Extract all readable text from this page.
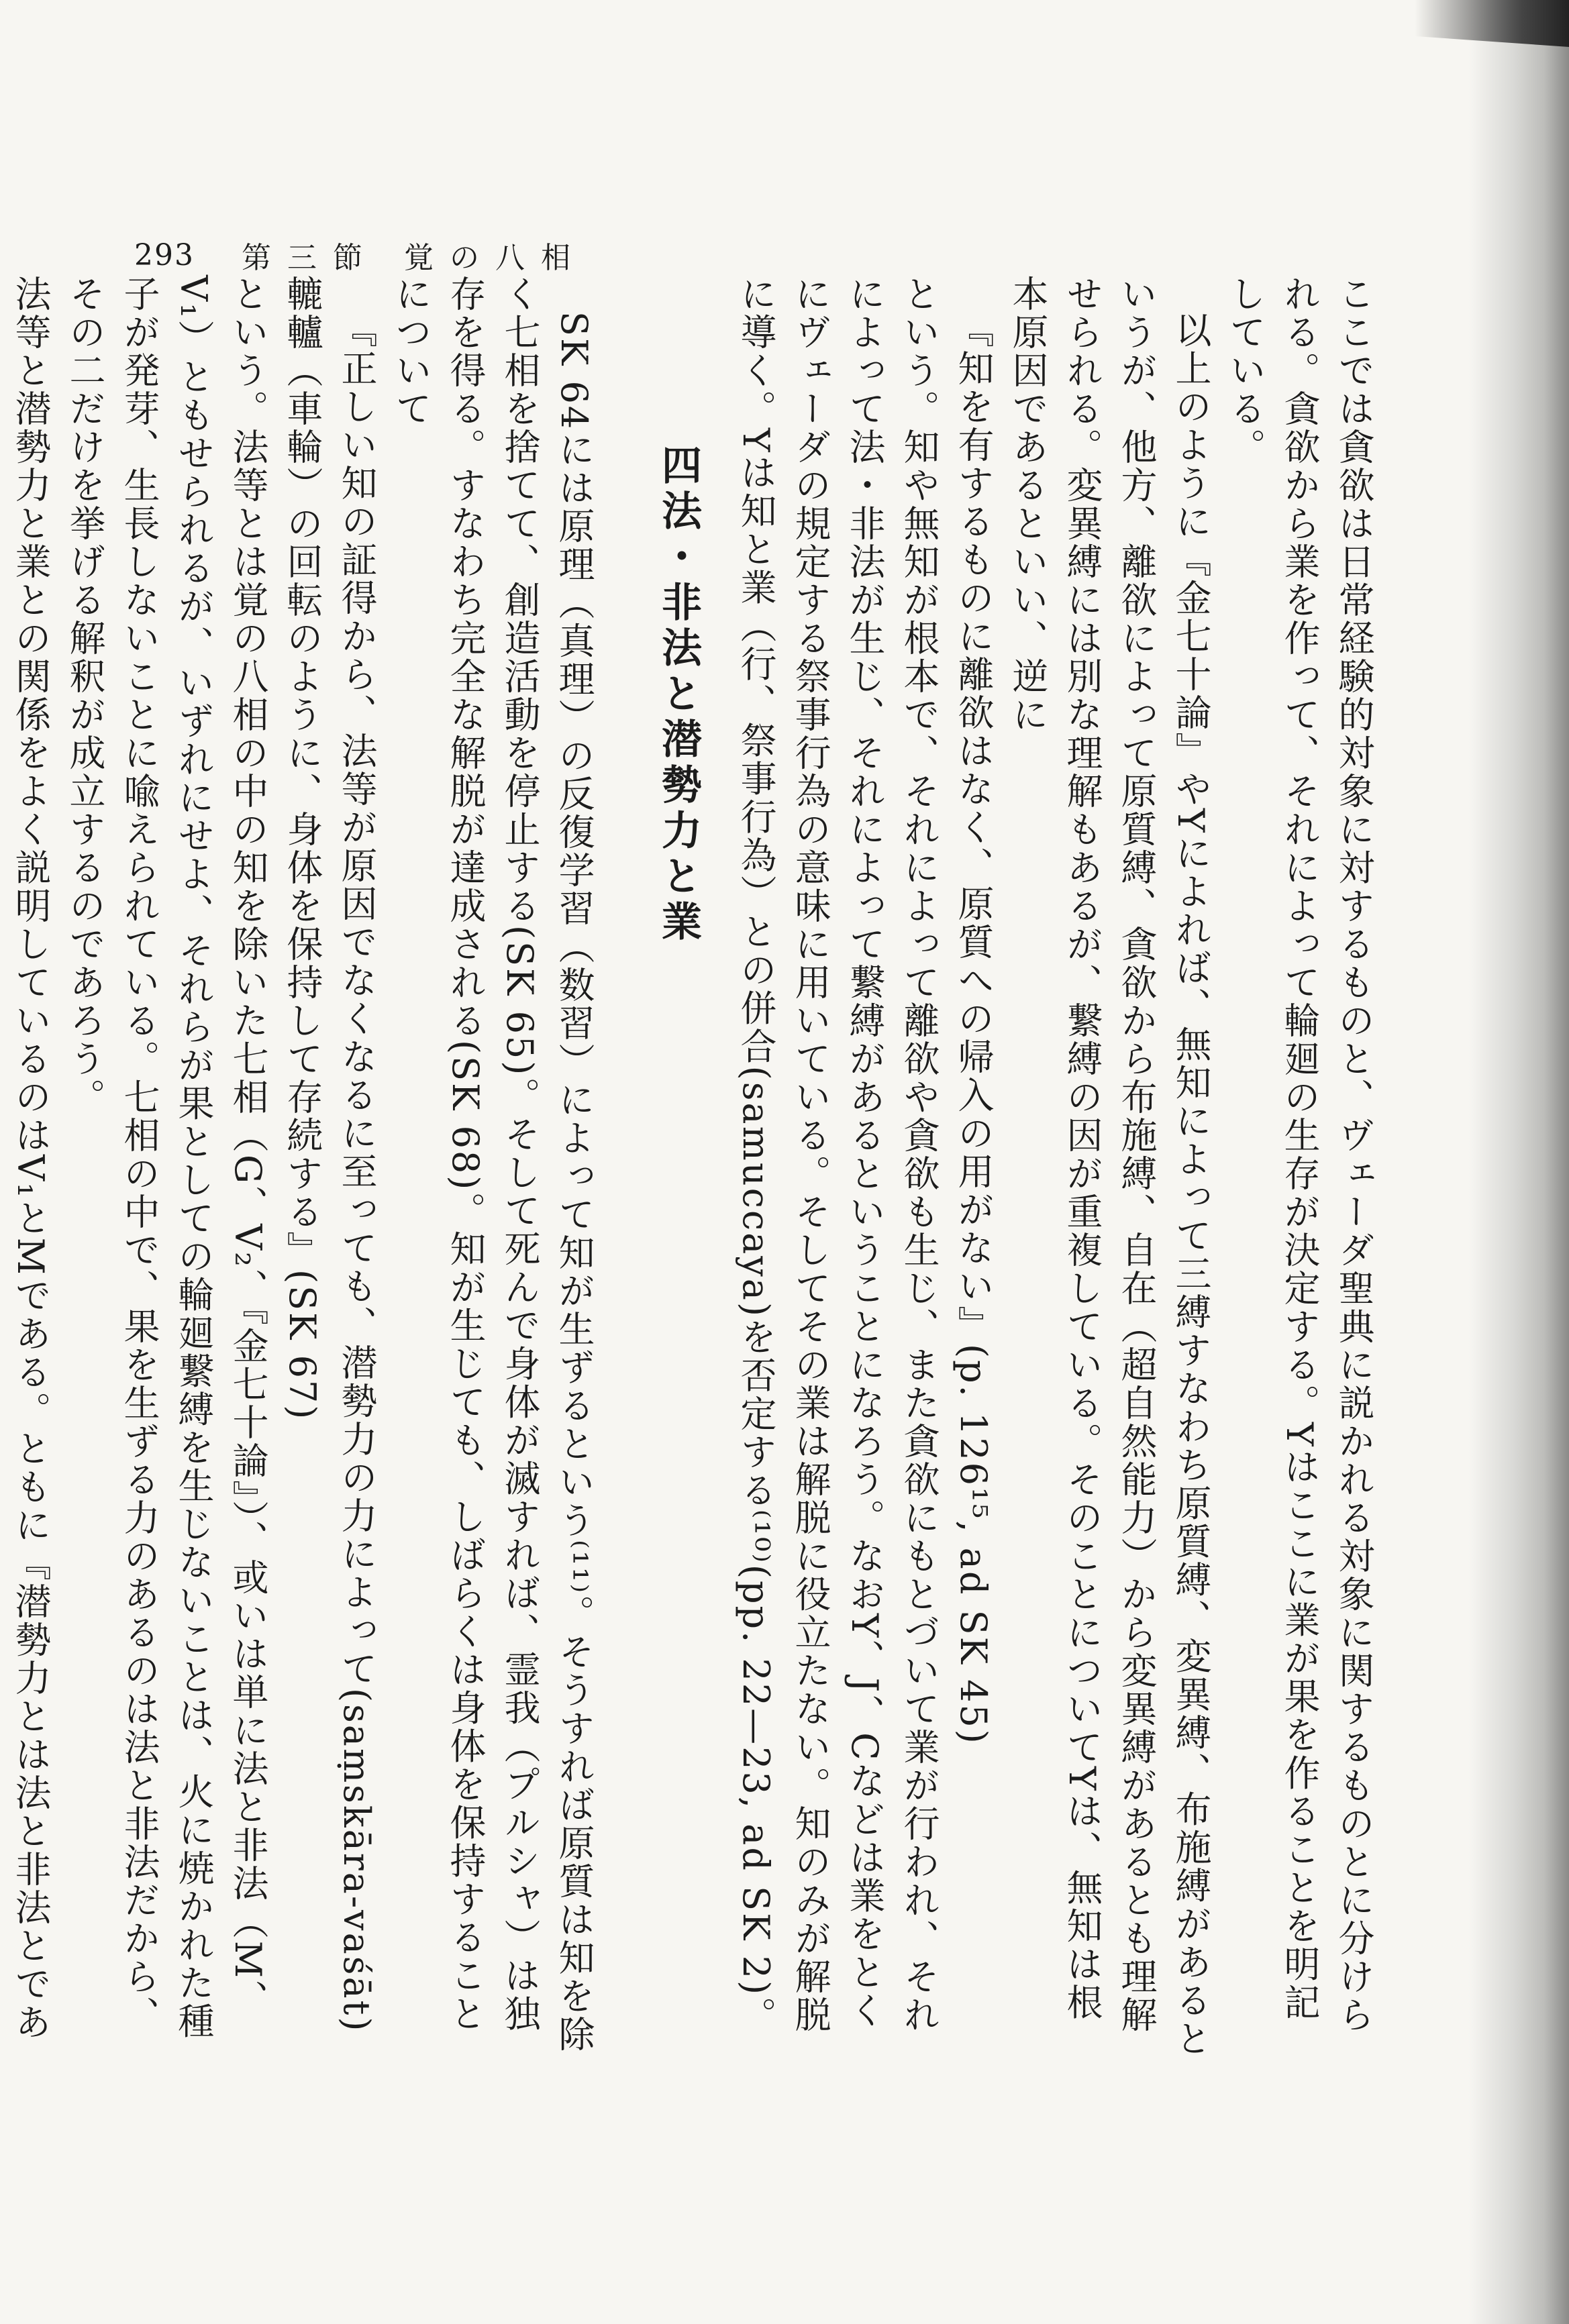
293 第三節 覚の八相

ここでは貪欲は日常経験的対象に対するものと、ヴェーダ聖典に説かれる対象に関するものとに分けられる。貪欲から業を作って、それによって輪廻の生存が決定する。Yはここに業が果を作ることを明記している。

以上のように『金七十論』やYによれば、無知によって三縛すなわち原質縛、変異縛、布施縛があるというが、他方、離欲によって原質縛、貪欲から布施縛、自在（超自然能力）から変異縛があるとも理解せられる。変異縛には別な理解もあるが、繋縛の因が重複している。そのことについてYは、無知は根本原因であるといい、逆に

『知を有するものに離欲はなく、原質への帰入の用がない』(p. 126¹⁵, ad SK 45)

という。知や無知が根本で、それによって離欲や貪欲も生じ、また貪欲にもとづいて業が行われ、それによって法・非法が生じ、それによって繋縛があるということになろう。なおY、J、Cなどは業をとくにヴェーダの規定する祭事行為の意味に用いている。そしてその業は解脱に役立たない。知のみが解脱に導く。Yは知と業（行、祭事行為）との併合(samuccaya)を否定する⁽¹⁰⁾(pp. 22—23, ad SK 2)。

四法・非法と潜勢力と業

SK 64には原理（真理）の反復学習（数習）によって知が生ずるという⁽¹¹⁾。そうすれば原質は知を除く七相を捨てて、創造活動を停止する(SK 65)。そして死んで身体が滅すれば、霊我（プルシャ）は独存を得る。すなわち完全な解脱が達成される(SK 68)。知が生じても、しばらくは身体を保持することについて

『正しい知の証得から、法等が原因でなくなるに至っても、潜勢力の力によって(saṃskāra-vaśāt) 轆轤（車輪）の回転のように、身体を保持して存続する』(SK 67)

という。法等とは覚の八相の中の知を除いた七相（G、V₂、『金七十論』）、或いは単に法と非法（M、V₁）ともせられるが、いずれにせよ、それらが果としての輪廻繋縛を生じないことは、火に焼かれた種子が発芽、生長しないことに喩えられている。七相の中で、果を生ずる力のあるのは法と非法だから、その二だけを挙げる解釈が成立するのであろう。

法等と潜勢力と業との関係をよく説明しているのはV₁とMである。ともに『潜勢力とは法と非法とであ
